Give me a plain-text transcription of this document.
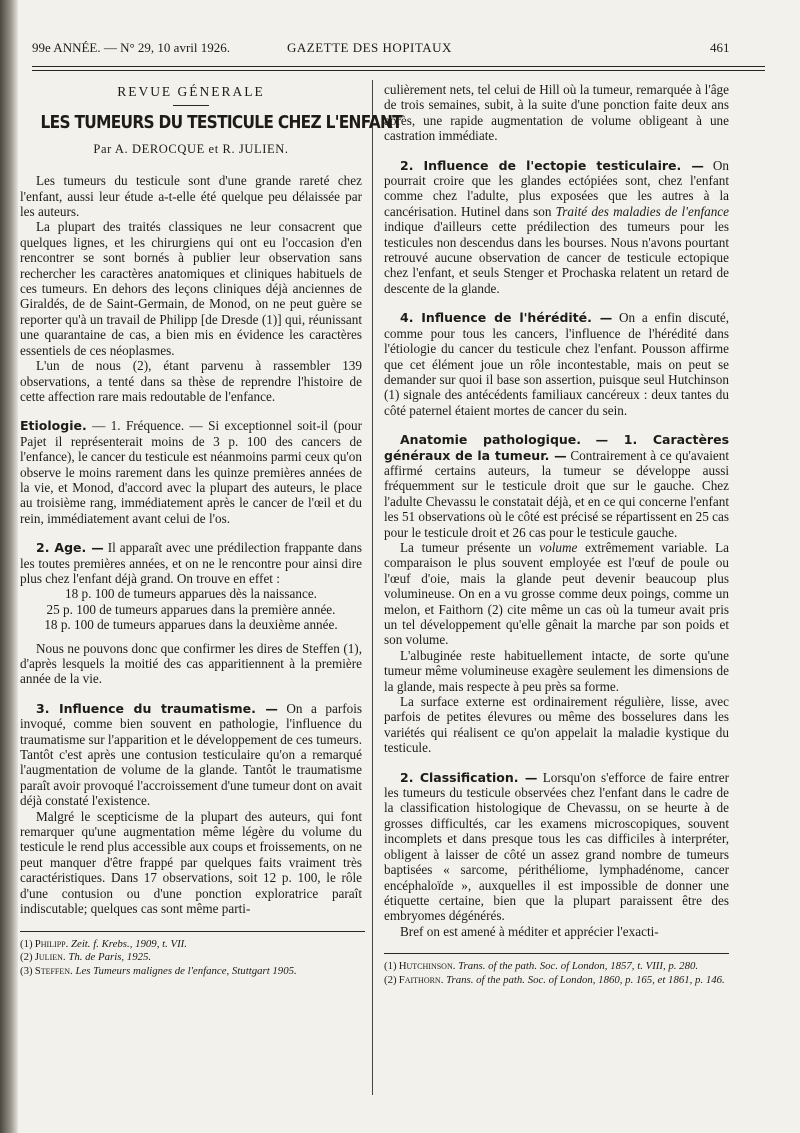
99e ANNÉE. — N° 29, 10 avril 1926.	GAZETTE DES HOPITAUX	461

REVUE GÉNERALE

LES TUMEURS DU TESTICULE CHEZ L'ENFANT

Par A. DEROCQUE et R. JULIEN.

Les tumeurs du testicule sont d'une grande rareté chez l'enfant, aussi leur étude a-t-elle été quelque peu délaissée par les auteurs.

La plupart des traités classiques ne leur consacrent que quelques lignes, et les chirurgiens qui ont eu l'occasion d'en rencontrer se sont bornés à publier leur observation sans rechercher les caractères anatomiques et cliniques habituels de ces tumeurs. En dehors des leçons cliniques déjà anciennes de Giraldés, de de Saint-Germain, de Monod, on ne peut guère se reporter qu'à un travail de Philipp [de Dresde (1)] qui, réunissant une quarantaine de cas, a bien mis en évidence les caractères essentiels de ces néoplasmes.

L'un de nous (2), étant parvenu à rassembler 139 observations, a tenté dans sa thèse de reprendre l'histoire de cette affection rare mais redoutable de l'enfance.

Etiologie. — 1. Fréquence. — Si exceptionnel soit-il (pour Pajet il représenterait moins de 3 p. 100 des cancers de l'enfance), le cancer du testicule est néanmoins parmi ceux qu'on observe le moins rarement dans les quinze premières années de la vie, et Monod, d'accord avec la plupart des auteurs, le place au troisième rang, immédiatement après le cancer de l'œil et du rein, immédiatement avant celui de l'os.

2. Age. — Il apparaît avec une prédilection frappante dans les toutes premières années, et on ne le rencontre pour ainsi dire plus chez l'enfant déjà grand. On trouve en effet :

18 p. 100 de tumeurs apparues dès la naissance.

25 p. 100 de tumeurs apparues dans la première année.

18 p. 100 de tumeurs apparues dans la deuxième année.

Nous ne pouvons donc que confirmer les dires de Steffen (1), d'après lesquels la moitié des cas apparitiennent à la première année de la vie.

3. Influence du traumatisme. — On a parfois invoqué, comme bien souvent en pathologie, l'influence du traumatisme sur l'apparition et le développement de ces tumeurs. Tantôt c'est après une contusion testiculaire qu'on a remarqué l'augmentation de volume de la glande. Tantôt le traumatisme paraît avoir provoqué l'accroissement d'une tumeur dont on avait déjà constaté l'existence.

Malgré le scepticisme de la plupart des auteurs, qui font remarquer qu'une augmentation même légère du volume du testicule le rend plus accessible aux coups et froissements, on ne peut manquer d'être frappé par quelques faits vraiment très caractéristiques. Dans 17 observations, soit 12 p. 100, le rôle d'une contusion ou d'une ponction exploratrice paraît indiscutable; quelques cas sont même parti-

(1) Philipp. Zeit. f. Krebs., 1909, t. VII.

(2) Julien. Th. de Paris, 1925.

(3) Steffen. Les Tumeurs malignes de l'enfance, Stuttgart 1905.

culièrement nets, tel celui de Hill où la tumeur, remarquée à l'âge de trois semaines, subit, à la suite d'une ponction faite deux ans après, une rapide augmentation de volume obligeant à une castration immédiate.

2. Influence de l'ectopie testiculaire. — On pourrait croire que les glandes ectópiées sont, chez l'enfant comme chez l'adulte, plus exposées que les autres à la cancérisation. Hutinel dans son Traité des maladies de l'enfance indique d'ailleurs cette prédilection des tumeurs pour les testicules non descendus dans les bourses. Nous n'avons pourtant retrouvé aucune observation de cancer de testicule ectopique chez l'enfant, et seuls Stenger et Prochaska relatent un retard de descente de la glande.

4. Influence de l'hérédité. — On a enfin discuté, comme pour tous les cancers, l'influence de l'hérédité dans l'étiologie du cancer du testicule chez l'enfant. Pousson affirme que cet élément joue un rôle incontestable, mais on peut se demander sur quoi il base son assertion, puisque seul Hutchinson (1) signale des antécédents familiaux cancéreux : deux tantes du côté paternel étaient mortes de cancer du sein.

Anatomie pathologique. — 1. Caractères généraux de la tumeur. — Contrairement à ce qu'avaient affirmé certains auteurs, la tumeur se développe aussi fréquemment sur le testicule droit que sur le gauche. Chez l'adulte Chevassu le constatait déjà, et en ce qui concerne l'enfant les 51 observations où le côté est précisé se répartissent en 25 cas pour le testicule droit et 26 cas pour le testicule gauche.

La tumeur présente un volume extrêmement variable. La comparaison le plus souvent employée est l'œuf de poule ou l'œuf d'oie, mais la glande peut devenir beaucoup plus volumineuse. On en a vu grosse comme deux poings, comme un melon, et Faithorn (2) cite même un cas où la tumeur avait pris un tel développement qu'elle gênait la marche par son poids et son volume.

L'albuginée reste habituellement intacte, de sorte qu'une tumeur même volumineuse exagère seulement les dimensions de la glande, mais respecte à peu près sa forme.

La surface externe est ordinairement régulière, lisse, avec parfois de petites élevures ou même des bosselures dans les variétés qui réalisent ce qu'on appelait la maladie kystique du testicule.

2. Classification. — Lorsqu'on s'efforce de faire entrer les tumeurs du testicule observées chez l'enfant dans le cadre de la classification histologique de Chevassu, on se heurte à de grosses difficultés, car les examens microscopiques, souvent incomplets et dans presque tous les cas difficiles à interpréter, obligent à laisser de côté un assez grand nombre de tumeurs baptisées « sarcome, périthéliome, lymphadénome, cancer encéphaloïde », auxquelles il est impossible de donner une étiquette certaine, bien que la plupart paraissent être des embryomes dégénérés.

Bref on est amené à méditer et apprécier l'exacti-

(1) Hutchinson. Trans. of the path. Soc. of London, 1857, t. VIII, p. 280.

(2) Faithorn. Trans. of the path. Soc. of London, 1860, p. 165, et 1861, p. 146.
